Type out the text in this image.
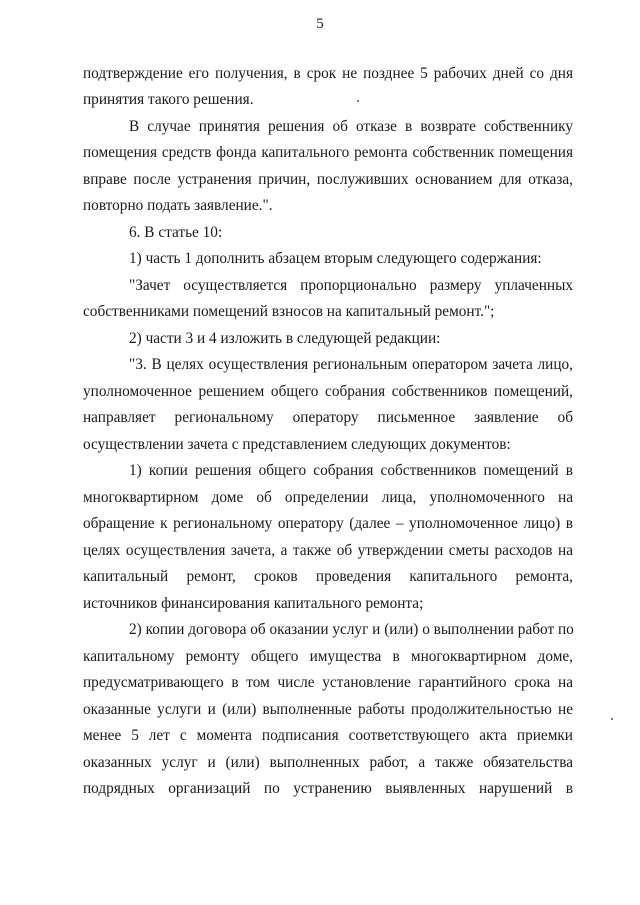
5
подтверждение его получения, в срок не позднее 5 рабочих дней со дня
принятия такого решения.
В случае принятия решения об отказе в возврате собственнику
помещения средств фонда капитального ремонта собственник помещения
вправе после устранения причин, послуживших основанием для отказа,
повторно подать заявление.".
6. В статье 10:
1) часть 1 дополнить абзацем вторым следующего содержания:
"Зачет осуществляется пропорционально размеру уплаченных
собственниками помещений взносов на капитальный ремонт.";
2) части 3 и 4 изложить в следующей редакции:
"3. В целях осуществления региональным оператором зачета лицо,
уполномоченное решением общего собрания собственников помещений,
направляет региональному оператору письменное заявление об
осуществлении зачета с представлением следующих документов:
1) копии решения общего собрания собственников помещений в
многоквартирном доме об определении лица, уполномоченного на
обращение к региональному оператору (далее – уполномоченное лицо) в
целях осуществления зачета, а также об утверждении сметы расходов на
капитальный ремонт, сроков проведения капитального ремонта,
источников финансирования капитального ремонта;
2) копии договора об оказании услуг и (или) о выполнении работ по
капитальному ремонту общего имущества в многоквартирном доме,
предусматривающего в том числе установление гарантийного срока на
оказанные услуги и (или) выполненные работы продолжительностью не
менее 5 лет с момента подписания соответствующего акта приемки
оказанных услуг и (или) выполненных работ, а также обязательства
подрядных организаций по устранению выявленных нарушений в
